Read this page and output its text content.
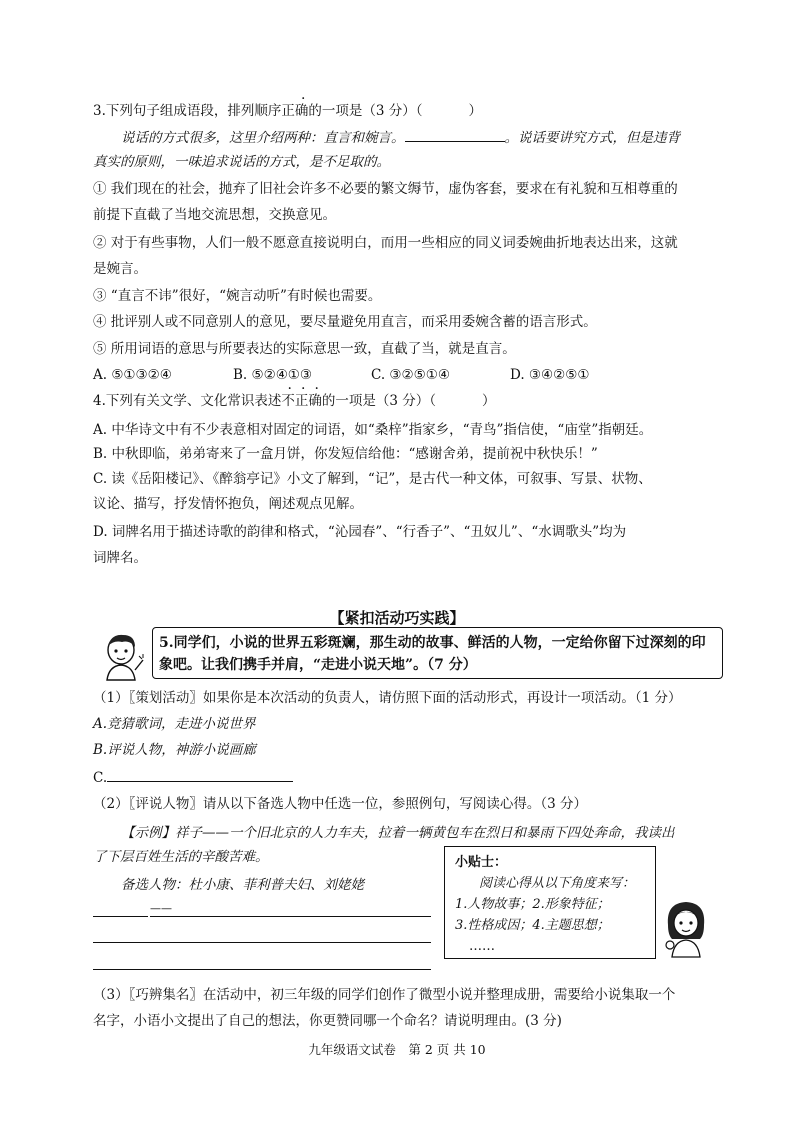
3.下列句子组成语段，排列顺序正确的一项是（3 分）（	）
说话的方式很多，这里介绍两种：直言和婉言。	。说话要讲究方式，但是违背
真实的原则，一味追求说话的方式，是不足取的。
① 我们现在的社会，抛弃了旧社会许多不必要的繁文缛节，虚伪客套，要求在有礼貌和互相尊重的
前提下直截了当地交流思想，交换意见。
② 对于有些事物，人们一般不愿意直接说明白，而用一些相应的同义词委婉曲折地表达出来，这就
是婉言。
③ “直言不讳”很好，“婉言动听”有时候也需要。
④ 批评别人或不同意别人的意见，要尽量避免用直言，而采用委婉含蓄的语言形式。
⑤ 所用词语的意思与所要表达的实际意思一致，直截了当，就是直言。
A. ⑤①③②④	B. ⑤②④①③	C. ③②⑤①④	D. ③④②⑤①
4.下列有关文学、文化常识表述不正确的一项是（3 分）（	）
A. 中华诗文中有不少表意相对固定的词语，如“桑梓”指家乡，“青鸟”指信使，“庙堂”指朝廷。
B. 中秋即临，弟弟寄来了一盒月饼，你发短信给他：“感谢舍弟，提前祝中秋快乐！”
C. 读《岳阳楼记》、《醉翁亭记》小文了解到，“记”，是古代一种文体，可叙事、写景、状物、
议论、描写，抒发情怀抱负，阐述观点见解。
D. 词牌名用于描述诗歌的韵律和格式，“沁园春”、“行香子”、“丑奴儿”、“水调歌头”均为
词牌名。
【紧扣活动巧实践】
5.同学们，小说的世界五彩斑斓，那生动的故事、鲜活的人物，一定给你留下过深刻的印象吧。让我们携手并肩，“走进小说天地”。（7 分）
（1）〖策划活动〗如果你是本次活动的负责人，请仿照下面的活动形式，再设计一项活动。（1 分）
A.竞猜歌词，走进小说世界
B.评说人物，神游小说画廊
C.
（2）〖评说人物〗请从以下备选人物中任选一位，参照例句，写阅读心得。（3 分）
【示例】祥子——一个旧北京的人力车夫，拉着一辆黄包车在烈日和暴雨下四处奔命，我读出
了下层百姓生活的辛酸苦难。
备选人物：杜小康、菲利普夫妇、刘姥姥
——
小贴士：
阅读心得从以下角度来写：
1.人物故事；2.形象特征；
3.性格成因；4.主题思想；
……
（3）〖巧辨集名〗在活动中，初三年级的同学们创作了微型小说并整理成册，需要给小说集取一个
名字，小语小文提出了自己的想法，你更赞同哪一个命名？请说明理由。(3 分)
九年级语文试卷　第 2 页 共 10
